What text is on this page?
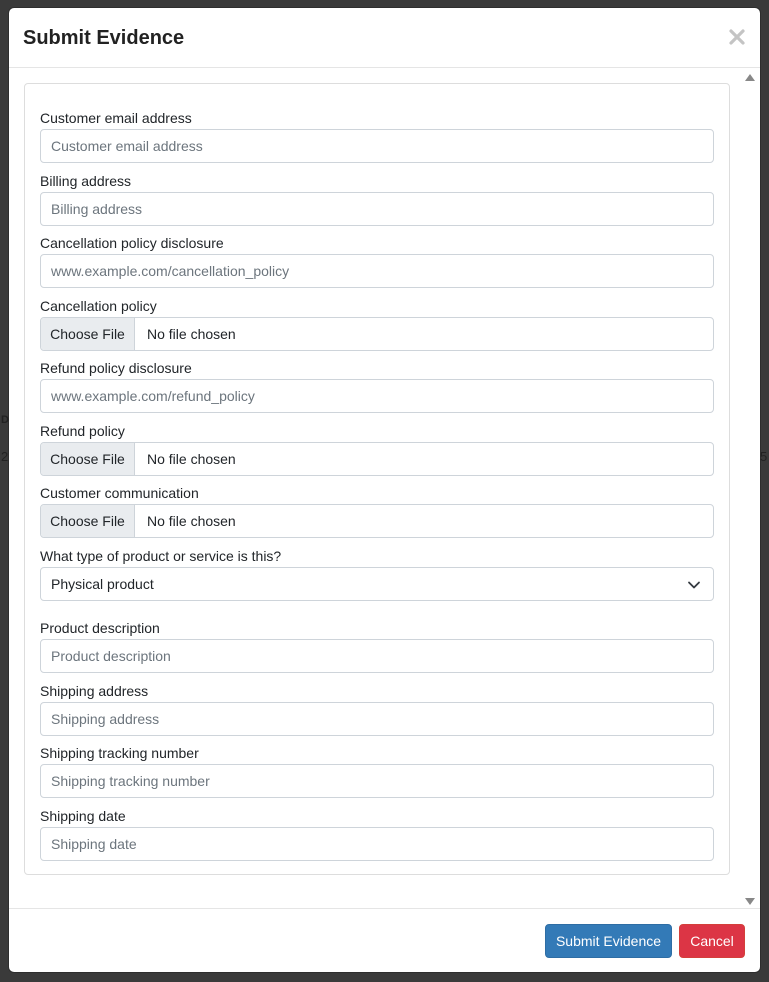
D
2	5
Submit Evidence
Customer email address
Customer email address
Billing address
Billing address
Cancellation policy disclosure
www.example.com/cancellation_policy
Cancellation policy
Choose File	No file chosen
Refund policy disclosure
www.example.com/refund_policy
Refund policy
Choose File	No file chosen
Customer communication
Choose File	No file chosen
What type of product or service is this?
Physical product
Product description
Product description
Shipping address
Shipping address
Shipping tracking number
Shipping tracking number
Shipping date
Shipping date
Submit Evidence	Cancel
